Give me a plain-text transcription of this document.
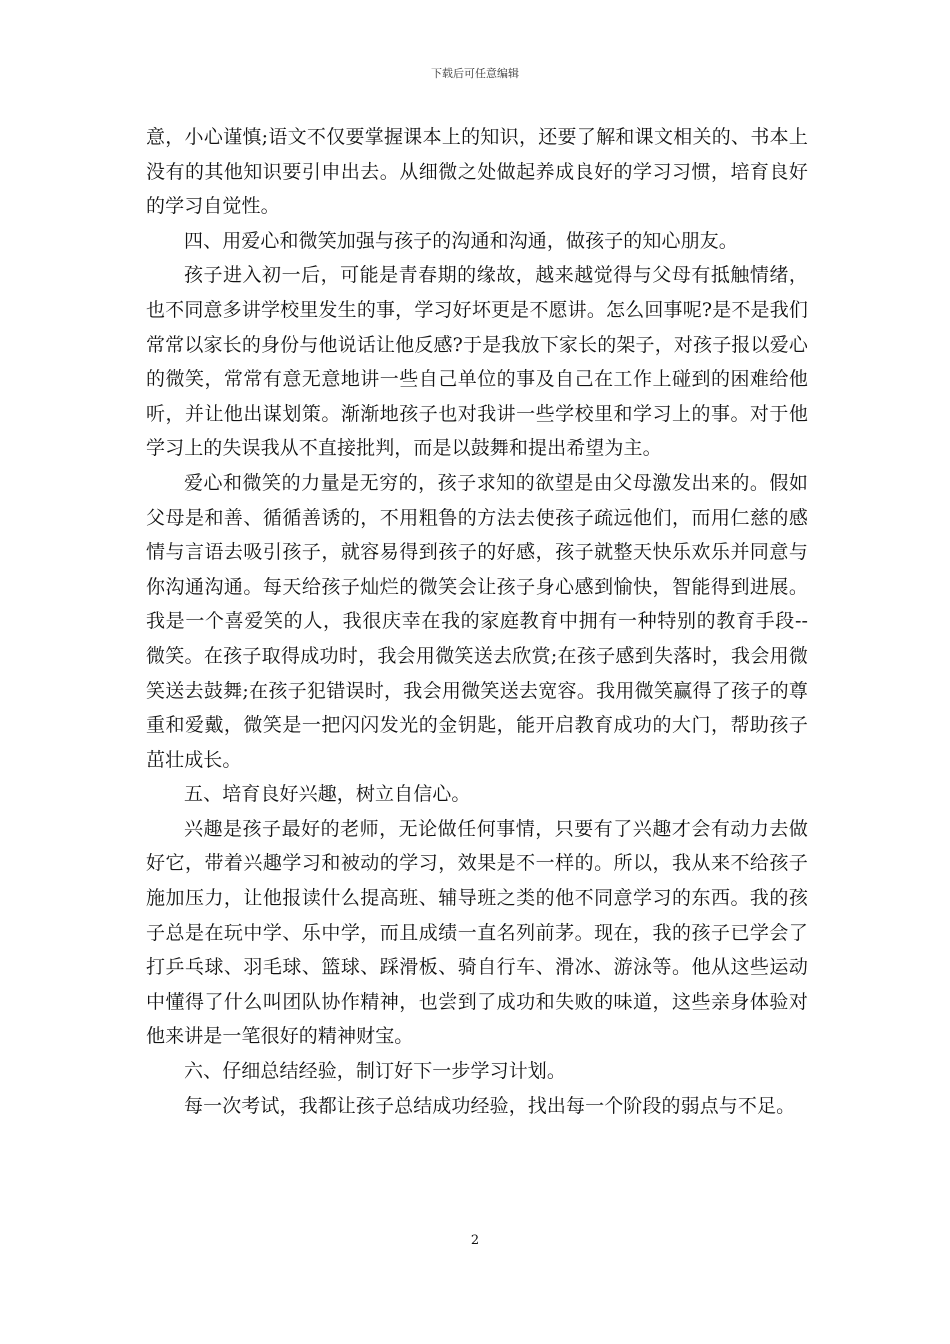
下载后可任意编辑

意，小心谨慎;语文不仅要掌握课本上的知识，还要了解和课文相关的、书本上没有的其他知识要引申出去。从细微之处做起养成良好的学习习惯，培育良好的学习自觉性。

四、用爱心和微笑加强与孩子的沟通和沟通，做孩子的知心朋友。

孩子进入初一后，可能是青春期的缘故，越来越觉得与父母有抵触情绪，也不同意多讲学校里发生的事，学习好坏更是不愿讲。怎么回事呢?是不是我们常常以家长的身份与他说话让他反感?于是我放下家长的架子，对孩子报以爱心的微笑，常常有意无意地讲一些自己单位的事及自己在工作上碰到的困难给他听，并让他出谋划策。渐渐地孩子也对我讲一些学校里和学习上的事。对于他学习上的失误我从不直接批判，而是以鼓舞和提出希望为主。

爱心和微笑的力量是无穷的，孩子求知的欲望是由父母激发出来的。假如父母是和善、循循善诱的，不用粗鲁的方法去使孩子疏远他们，而用仁慈的感情与言语去吸引孩子，就容易得到孩子的好感，孩子就整天快乐欢乐并同意与你沟通沟通。每天给孩子灿烂的微笑会让孩子身心感到愉快，智能得到进展。我是一个喜爱笑的人，我很庆幸在我的家庭教育中拥有一种特别的教育手段--微笑。在孩子取得成功时，我会用微笑送去欣赏;在孩子感到失落时，我会用微笑送去鼓舞;在孩子犯错误时，我会用微笑送去宽容。我用微笑赢得了孩子的尊重和爱戴，微笑是一把闪闪发光的金钥匙，能开启教育成功的大门，帮助孩子茁壮成长。

五、培育良好兴趣，树立自信心。

兴趣是孩子最好的老师，无论做任何事情，只要有了兴趣才会有动力去做好它，带着兴趣学习和被动的学习，效果是不一样的。所以，我从来不给孩子施加压力，让他报读什么提高班、辅导班之类的他不同意学习的东西。我的孩子总是在玩中学、乐中学，而且成绩一直名列前茅。现在，我的孩子已学会了打乒乓球、羽毛球、篮球、踩滑板、骑自行车、滑冰、游泳等。他从这些运动中懂得了什么叫团队协作精神，也尝到了成功和失败的味道，这些亲身体验对他来讲是一笔很好的精神财宝。

六、仔细总结经验，制订好下一步学习计划。

每一次考试，我都让孩子总结成功经验，找出每一个阶段的弱点与不足。

2
